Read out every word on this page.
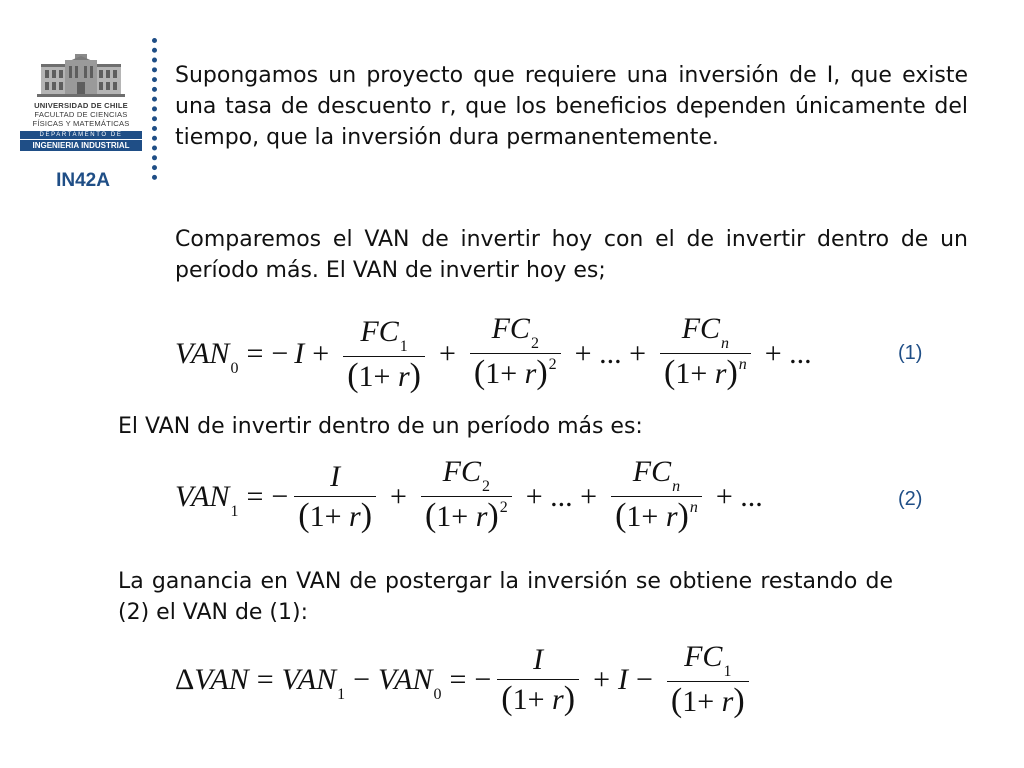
UNIVERSIDAD DE CHILE
FACULTAD DE CIENCIAS
FÍSICAS Y MATEMÁTICAS
DEPARTAMENTO DE
INGENIERIA INDUSTRIAL
IN42A

Supongamos un proyecto que requiere una inversión de I, que existe una tasa de descuento r, que los beneficios dependen únicamente del tiempo, que la inversión dura permanentemente.

Comparemos el VAN de invertir hoy con el de invertir dentro de un período más. El VAN de invertir hoy es;

$VAN_0$ = − $I + \frac{FC_1}{(1+ r)} + \frac{FC_2}{(1+ r)^2}$ + ... + $\frac{FC_n}{(1+ r)^n}$ + ...	(1)

El VAN de invertir dentro de un período más es:

$VAN_1$ = − $\frac{I}{(1+ r)} + \frac{FC_2}{(1+ r)^2}$ + ... + $\frac{FC_n}{(1+ r)^n}$ + ...	(2)

La ganancia en VAN de postergar la inversión se obtiene restando de (2) el VAN de (1):

$\Delta VAN = VAN_1 - VAN_0$ = − $\frac{I}{(1+ r)} + I - \frac{FC_1}{(1+ r)}$
